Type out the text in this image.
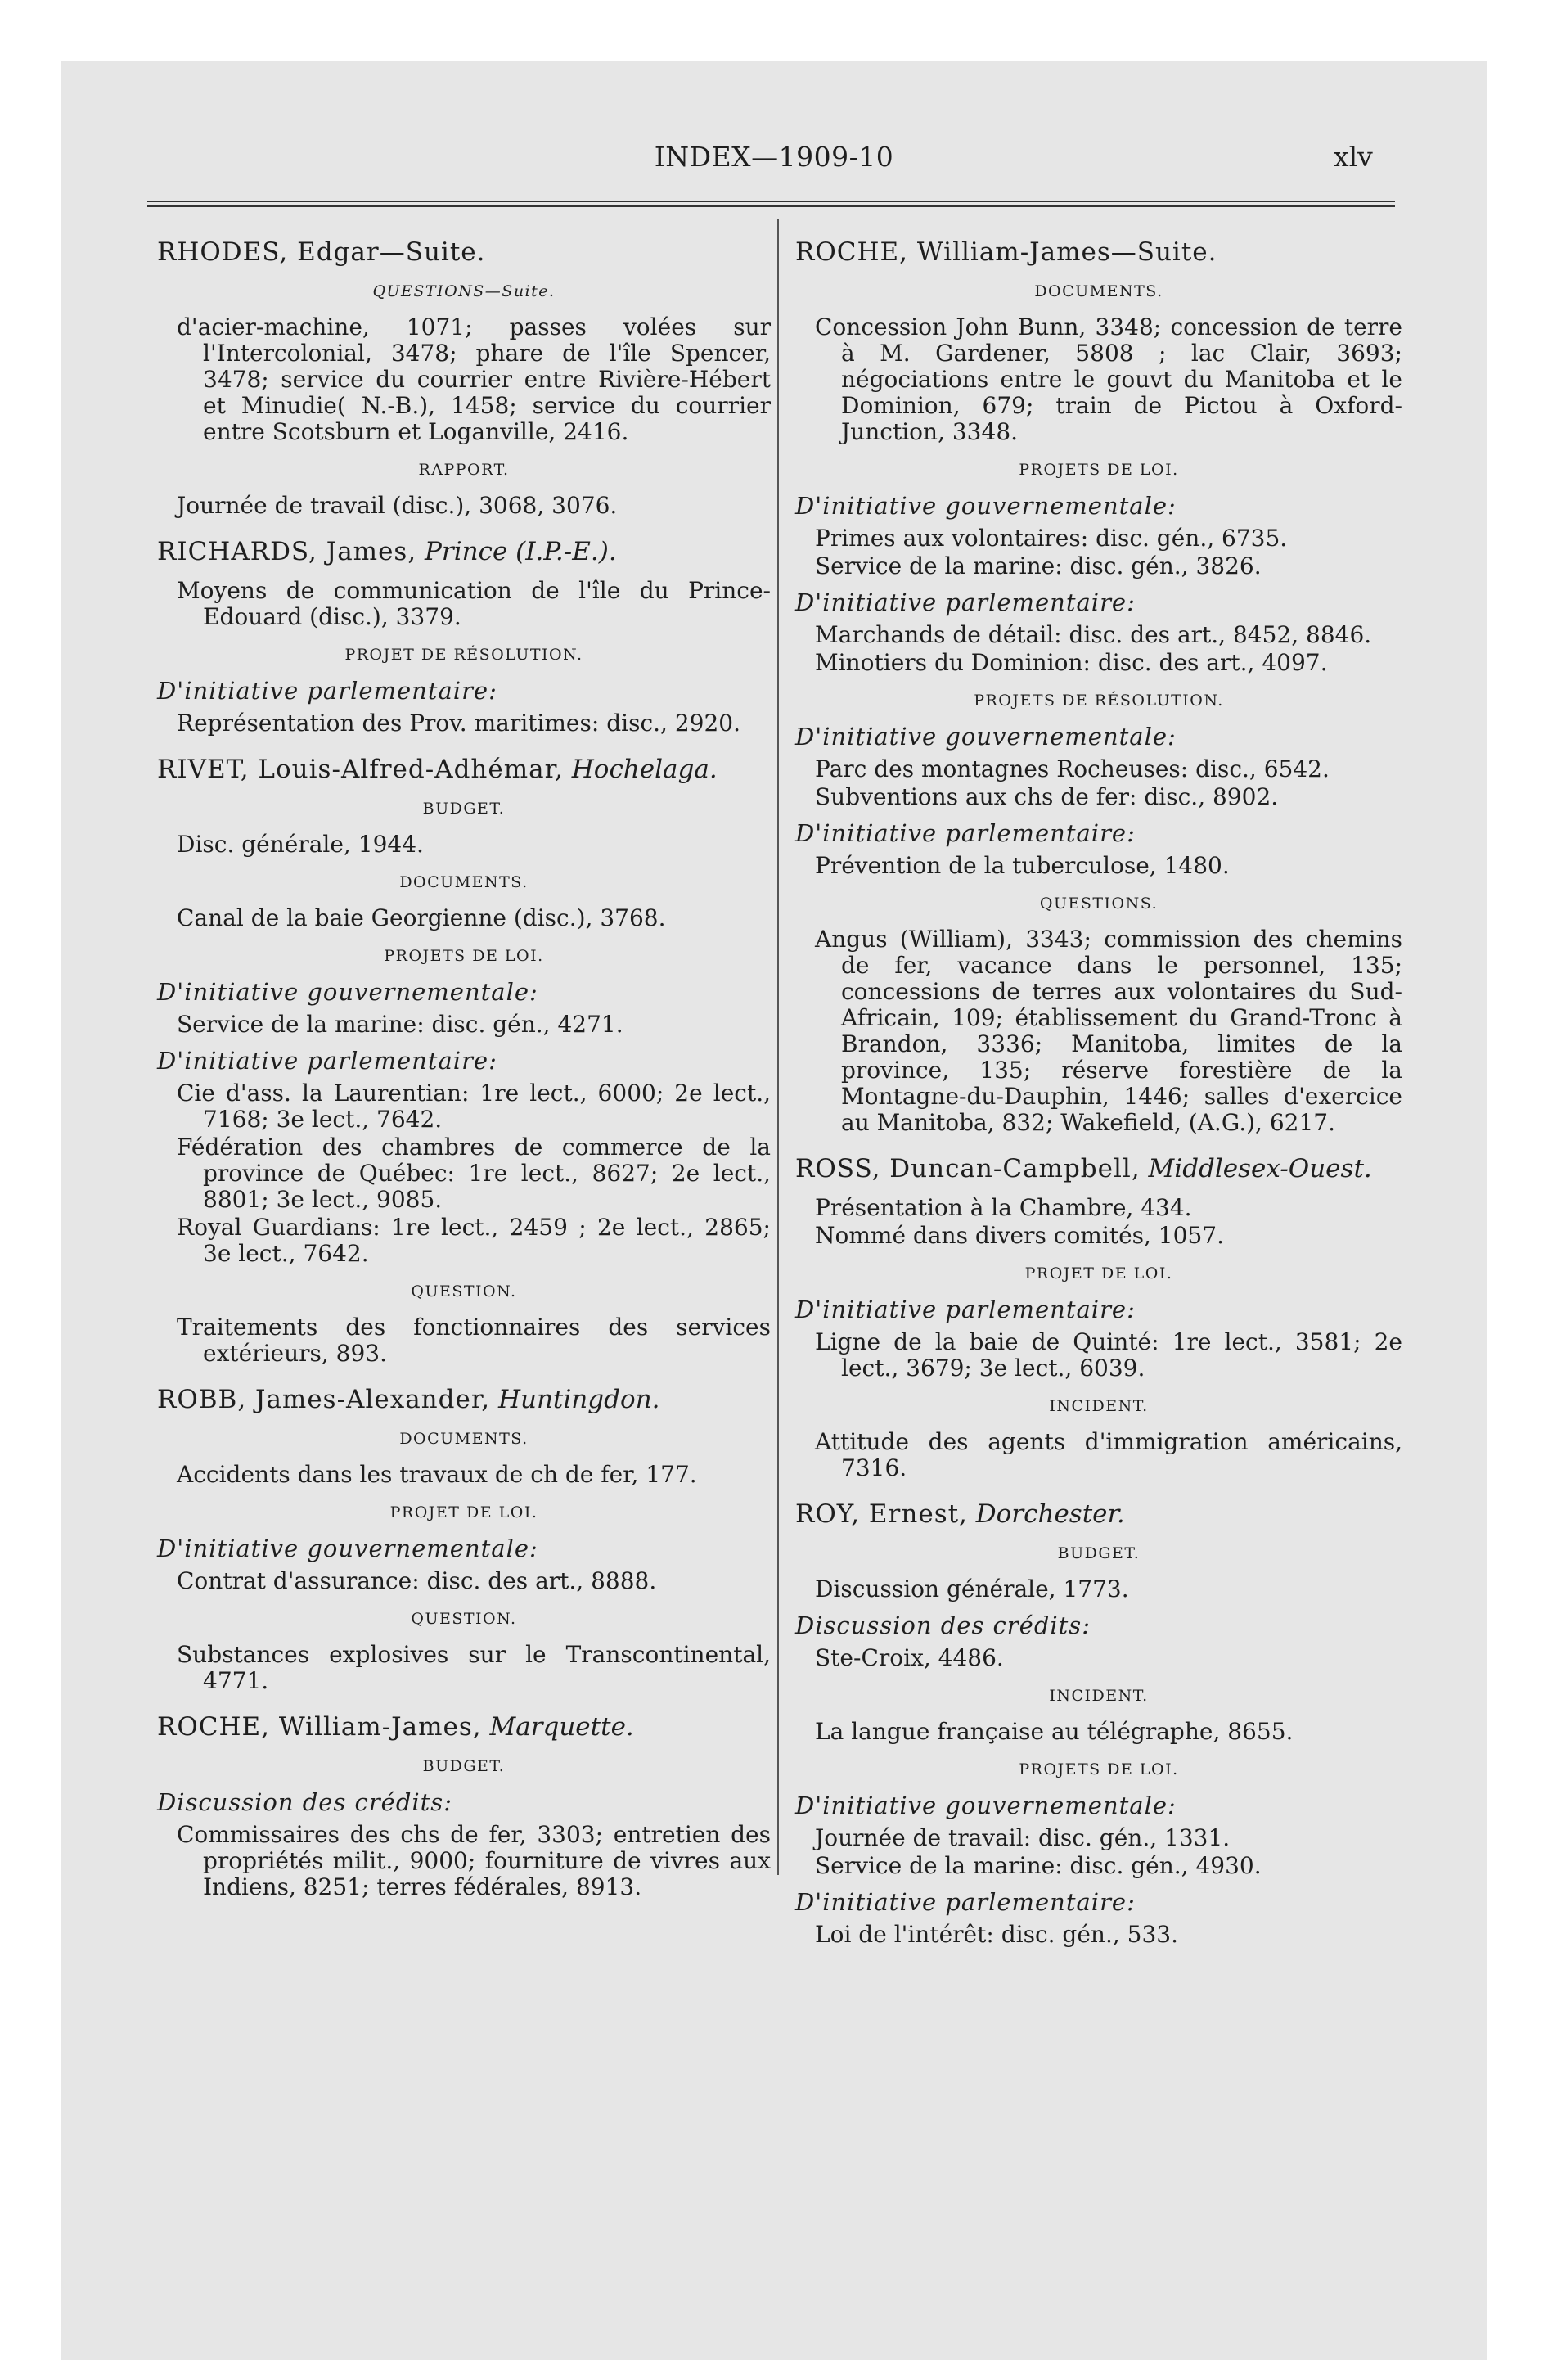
INDEX—1909-10	xlv
RHODES, Edgar—Suite.
QUESTIONS—Suite.
d'acier-machine, 1071; passes volées sur l'Intercolonial, 3478; phare de l'île Spencer, 3478; service du courrier entre Rivière-Hébert et Minudie( N.-B.), 1458; service du courrier entre Scotsburn et Loganville, 2416.
RAPPORT.
Journée de travail (disc.), 3068, 3076.
RICHARDS, James, Prince (I.P.-E.).
Moyens de communication de l'île du Prince-Edouard (disc.), 3379.
PROJET DE RÉSOLUTION.
D'initiative parlementaire:
Représentation des Prov. maritimes: disc., 2920.
RIVET, Louis-Alfred-Adhémar, Hochelaga.
BUDGET.
Disc. générale, 1944.
DOCUMENTS.
Canal de la baie Georgienne (disc.), 3768.
PROJETS DE LOI.
D'initiative gouvernementale:
Service de la marine: disc. gén., 4271.
D'initiative parlementaire:
Cie d'ass. la Laurentian: 1re lect., 6000; 2e lect., 7168; 3e lect., 7642.
Fédération des chambres de commerce de la province de Québec: 1re lect., 8627; 2e lect., 8801; 3e lect., 9085.
Royal Guardians: 1re lect., 2459 ; 2e lect., 2865; 3e lect., 7642.
QUESTION.
Traitements des fonctionnaires des services extérieurs, 893.
ROBB, James-Alexander, Huntingdon.
DOCUMENTS.
Accidents dans les travaux de ch de fer, 177.
PROJET DE LOI.
D'initiative gouvernementale:
Contrat d'assurance: disc. des art., 8888.
QUESTION.
Substances explosives sur le Transcontinental, 4771.
ROCHE, William-James, Marquette.
BUDGET.
Discussion des crédits:
Commissaires des chs de fer, 3303; entretien des propriétés milit., 9000; fourniture de vivres aux Indiens, 8251; terres fédérales, 8913.
ROCHE, William-James—Suite.
DOCUMENTS.
Concession John Bunn, 3348; concession de terre à M. Gardener, 5808 ; lac Clair, 3693; négociations entre le gouvt du Manitoba et le Dominion, 679; train de Pictou à Oxford-Junction, 3348.
PROJETS DE LOI.
D'initiative gouvernementale:
Primes aux volontaires: disc. gén., 6735.
Service de la marine: disc. gén., 3826.
D'initiative parlementaire:
Marchands de détail: disc. des art., 8452, 8846.
Minotiers du Dominion: disc. des art., 4097.
PROJETS DE RÉSOLUTION.
D'initiative gouvernementale:
Parc des montagnes Rocheuses: disc., 6542.
Subventions aux chs de fer: disc., 8902.
D'initiative parlementaire:
Prévention de la tuberculose, 1480.
QUESTIONS.
Angus (William), 3343; commission des chemins de fer, vacance dans le personnel, 135; concessions de terres aux volontaires du Sud-Africain, 109; établissement du Grand-Tronc à Brandon, 3336; Manitoba, limites de la province, 135; réserve forestière de la Montagne-du-Dauphin, 1446; salles d'exercice au Manitoba, 832; Wakefield, (A.G.), 6217.
ROSS, Duncan-Campbell, Middlesex-Ouest.
Présentation à la Chambre, 434.
Nommé dans divers comités, 1057.
PROJET DE LOI.
D'initiative parlementaire:
Ligne de la baie de Quinté: 1re lect., 3581; 2e lect., 3679; 3e lect., 6039.
INCIDENT.
Attitude des agents d'immigration américains, 7316.
ROY, Ernest, Dorchester.
BUDGET.
Discussion générale, 1773.
Discussion des crédits:
Ste-Croix, 4486.
INCIDENT.
La langue française au télégraphe, 8655.
PROJETS DE LOI.
D'initiative gouvernementale:
Journée de travail: disc. gén., 1331.
Service de la marine: disc. gén., 4930.
D'initiative parlementaire:
Loi de l'intérêt: disc. gén., 533.
